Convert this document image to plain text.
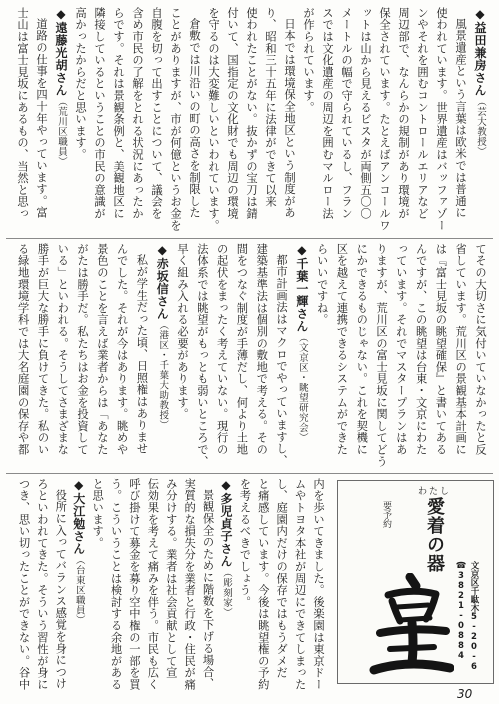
◆益田兼房さん（芸大教授）
風景遺産という言葉は欧米では普通に
使われています。世界遺産はバッファゾー
ンやそれを囲むコントロールエリアなど
周辺部で、なんらかの規制があり環境が
保全されています。たとえばアンコールワ
ットは山から見えるビスタが両側五〇〇
メートルの幅で守られているし、フラン
スでは文化遺産の周辺を囲むマルロー法
が作られています。
日本では環境保全地区という制度があ
り、昭和三十五年に法律ができて以来
使われたことがない。抜かずの宝刀は錆
付いて、国指定の文化財でも周辺の環境
を守るのは大変難しいといわれています。
倉敷では川沿いの町の高さを制限した
ことがありますが、市が何億というお金を
自腹を切って出すことについて、議会を
含め市民の了解をとれる状況にあったか
らです。それは景観条例と、美観地区に
隣接しているということの市民の意識が
高かったからだと思います。
◆遠藤光胡さん（荒川区職員）
道路の仕事を四十年やっています。富
士山は富士見坂にあるもの、当然と思っ
てその大切さに気付いていなかったと反
省しています。荒川区の景観基本計画に
は『富士見坂の眺望確保』と書いてある
んですが、この眺望は台東・文京にわた
っています。それでマスタープランはあ
りますが、荒川区の富士見坂に関してどう
にかできるものじゃない。これを契機に
区を越えて連携できるシステムができた
らいいですね。
◆千葉一輝さん（文京区・眺望研究会）
都市計画法はマクロでやっていますし、
建築基準法は個別の敷地で考える。その
間をつなぐ制度が手薄だし、何より土地
の起伏をまったく考えていない。現行の
法体系では眺望がもっとも弱いところで、
早く組み入れる必要があります。
◆赤坂信さん（港区・千葉大助教授）
私が学生だった頃、日照権はありませ
んでした。それが今はあります。眺めや
景色のことを言えば業者からは「あなた
がたは勝手だ。私たちはお金を投資して
いる」といわれる。そうしてさまざまな
勝手が巨大な勝手に負けてきた。私のい
る緑地環境学科では大名庭園の保存や都
内を歩いてきました。後楽園は東京ドー
ムやトヨタ本社が周辺にできてしまった
し、庭園内だけの保存ではもうダメだ
と痛感しています。今後は眺望権の予約
を考えるべきでしょう。
◆多児貞子さん（彫刻家）
景観保全のために階数を下げる場合、
実質的な損失分を業者と行政・住民が痛
み分けする。業者は社会貢献として宣
伝効果を考えて痛みを伴う。市民も広く
呼び掛けて募金を募り空中権の一部を買
う。こういうことは検討する余地がある
と思います。
◆大江勉さん（台東区職員）
役所に入ってバランス感覚を身につけ
ろといわれてきた。そういう習性が身に
つき、思い切ったことができない。谷中	わたし
愛着の器
要予約
文京区千駄木5-20-6
☎3821-0884
30
